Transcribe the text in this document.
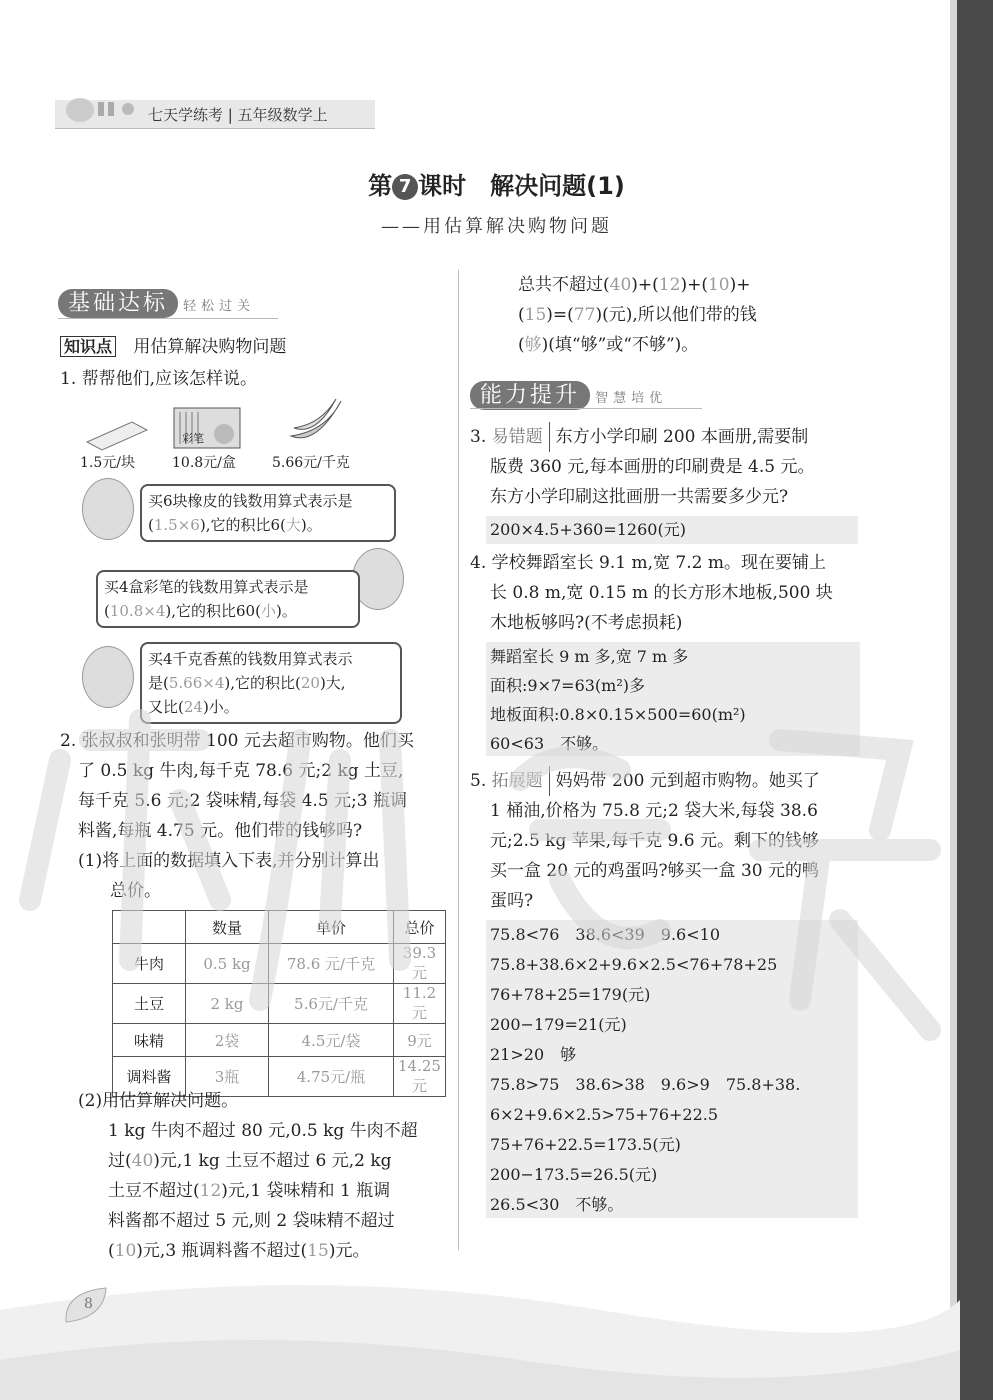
七天学练考 | 五年级数学上
第 7 课时　解决问题(1)
——用估算解决购物问题
基础达标 轻松过关
知识点 用估算解决购物问题
1. 帮帮他们,应该怎样说。
彩笔
1.5元/块	10.8元/盒	5.66元/千克
买6块橡皮的钱数用算式表示是
(1.5×6),它的积比6(大)。
买4盒彩笔的钱数用算式表示是
(10.8×4),它的积比60(小)。
买4千克香蕉的钱数用算式表示
是(5.66×4),它的积比(20)大,
又比(24)小。
2. 张叔叔和张明带 100 元去超市购物。他们买
了 0.5 kg 牛肉,每千克 78.6 元;2 kg 土豆,
每千克 5.6 元;2 袋味精,每袋 4.5 元;3 瓶调
料酱,每瓶 4.75 元。他们带的钱够吗?
(1)将上面的数据填入下表,并分别计算出
总价。
	数量	单价	总价
牛肉	0.5 kg	78.6 元/千克	39.3 元
土豆	2 kg	5.6元/千克	11.2元
味精	2袋	4.5元/袋	9元
调料酱	3瓶	4.75元/瓶	14.25元
(2)用估算解决问题。
1 kg 牛肉不超过 80 元,0.5 kg 牛肉不超
过(40)元,1 kg 土豆不超过 6 元,2 kg
土豆不超过(12)元,1 袋味精和 1 瓶调
料酱都不超过 5 元,则 2 袋味精不超过
(10)元,3 瓶调料酱不超过(15)元。
总共不超过(40)+(12)+(10)+
(15)=(77)(元),所以他们带的钱
(够)(填“够”或“不够”)。
能力提升 智慧培优
3. 易错题 东方小学印刷 200 本画册,需要制
版费 360 元,每本画册的印刷费是 4.5 元。
东方小学印刷这批画册一共需要多少元?
200×4.5+360=1260(元)
4. 学校舞蹈室长 9.1 m,宽 7.2 m。现在要铺上
长 0.8 m,宽 0.15 m 的长方形木地板,500 块
木地板够吗?(不考虑损耗)
舞蹈室长 9 m 多,宽 7 m 多
面积:9×7=63(m²)多
地板面积:0.8×0.15×500=60(m²)
60<63　不够。
5. 拓展题 妈妈带 200 元到超市购物。她买了
1 桶油,价格为 75.8 元;2 袋大米,每袋 38.6
元;2.5 kg 苹果,每千克 9.6 元。剩下的钱够
买一盒 20 元的鸡蛋吗?够买一盒 30 元的鸭
蛋吗?
75.8<76　38.6<39　9.6<10
75.8+38.6×2+9.6×2.5<76+78+25
76+78+25=179(元)
200−179=21(元)
21>20　够
75.8>75　38.6>38　9.6>9　75.8+38.
6×2+9.6×2.5>75+76+22.5
75+76+22.5=173.5(元)
200−173.5=26.5(元)
26.5<30　不够。
8
